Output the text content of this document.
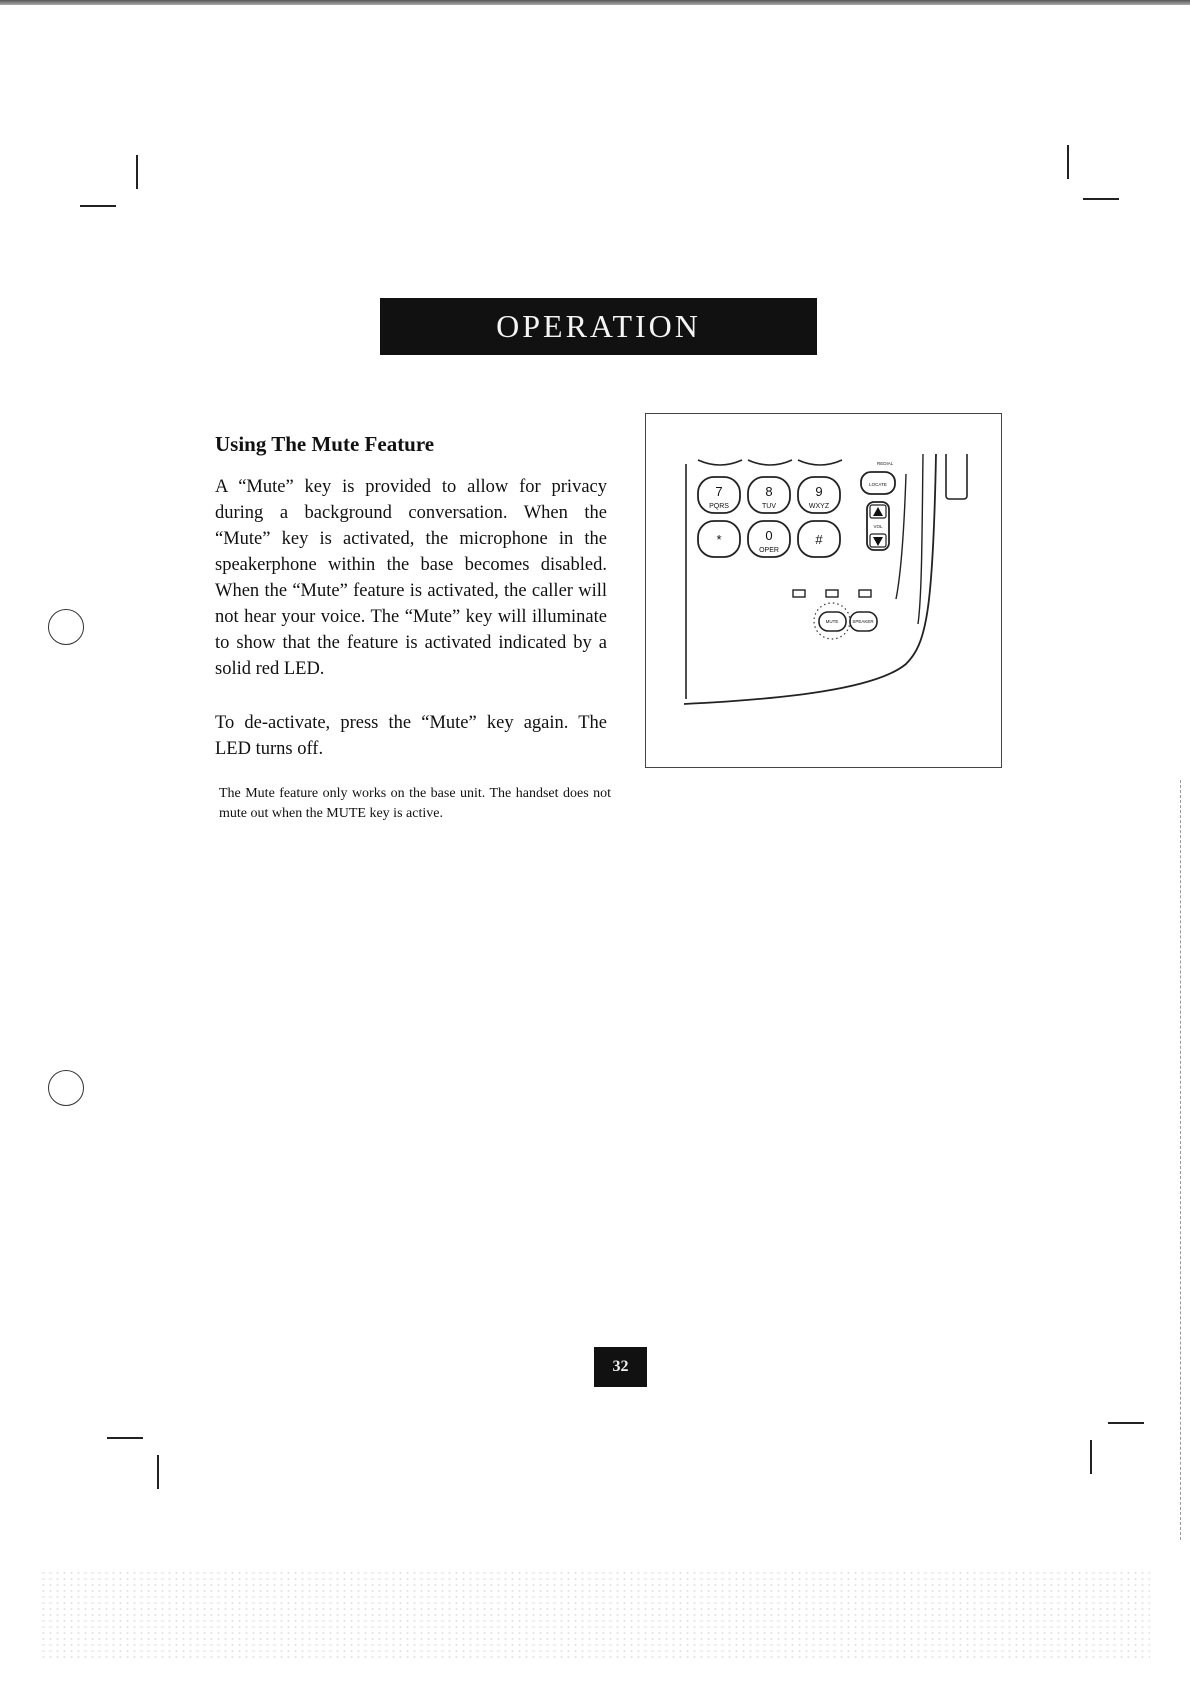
OPERATION
Using The Mute Feature
A “Mute” key is provided to allow for privacy during a background conversation. When the “Mute” key is activated, the microphone in the speakerphone within the base becomes disabled. When the “Mute” feature is activated, the caller will not hear your voice. The “Mute” key will illuminate to show that the feature is activated indicated by a solid red LED.
To de-activate, press the “Mute” key again. The LED turns off.
The Mute feature only works on the base unit. The handset does not mute out when the MUTE key is active.
REDIAL
7
PQRS
8
TUV
9
WXYZ
*	0
OPER
#
LOCATE
VOL
MUTE	SPEAKER
32
